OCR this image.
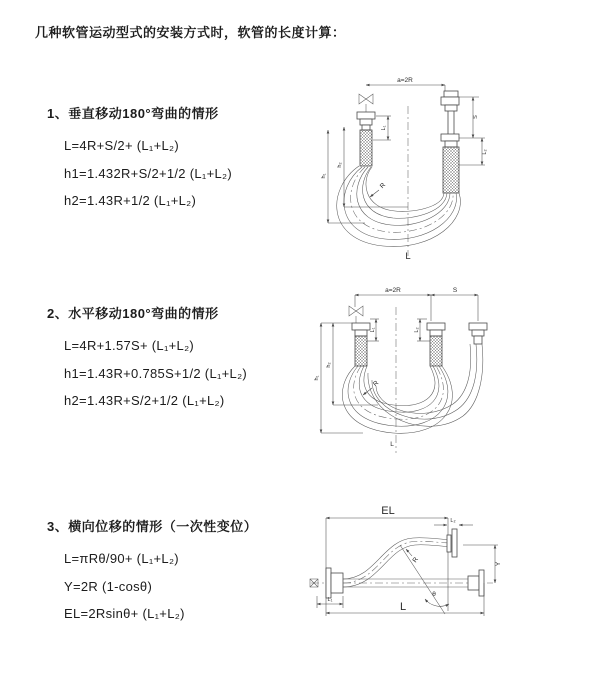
几种软管运动型式的安装方式时，软管的长度计算：

1、垂直移动180°弯曲的情形

L=4R+S/2+ (L₁+L₂)

h1=1.432R+S/2+1/2 (L₁+L₂)

h2=1.43R+1/2 (L₁+L₂)

2、水平移动180°弯曲的情形

L=4R+1.57S+ (L₁+L₂)

h1=1.43R+0.785S+1/2 (L₁+L₂)

h2=1.43R+S/2+1/2 (L₁+L₂)

3、横向位移的情形（一次性变位）

L=πRθ/90+ (L₁+L₂)

Y=2R (1-cosθ)

EL=2Rsinθ+ (L₁+L₂)

a=2R
R
h₁
h₂
L₁
S
L₂
L
a=2R	S
L₁	L₂
h₁
h₂
R
L
EL
L₂
Y
R
θ
L
L₁
